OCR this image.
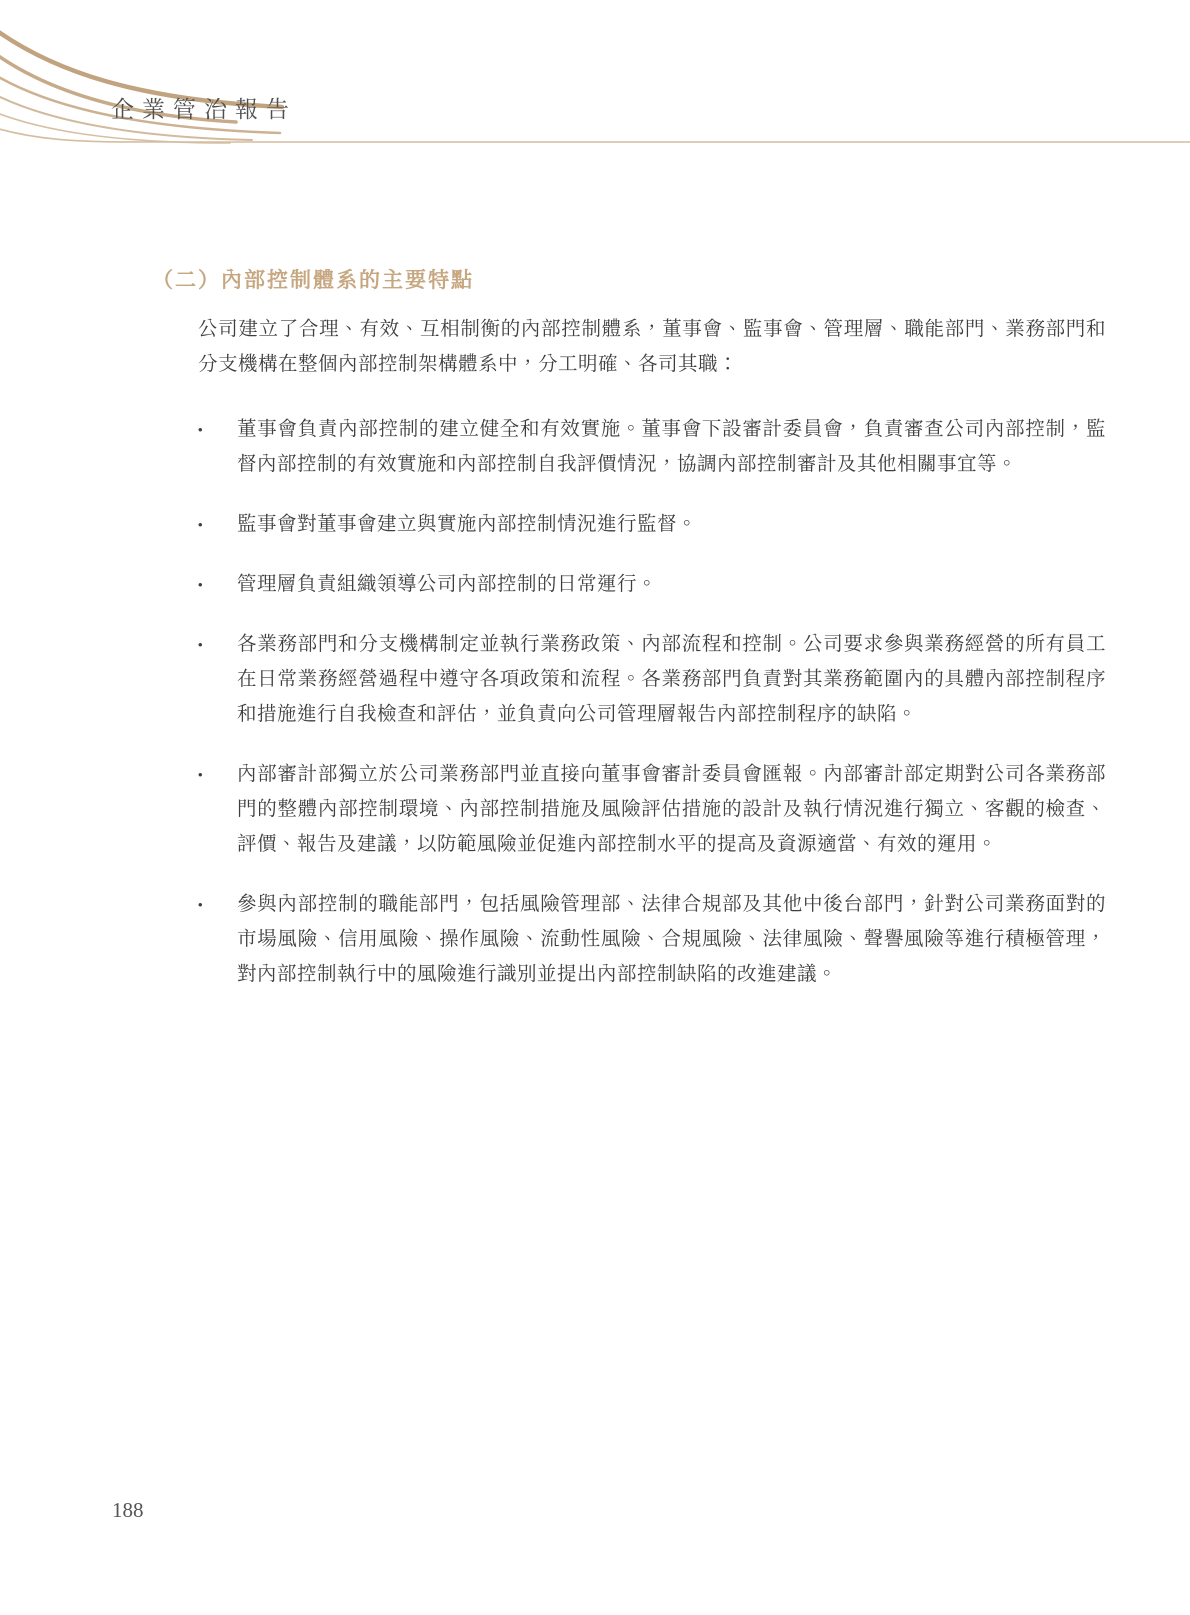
企業管治報告
（二）內部控制體系的主要特點

公司建立了合理、有效、互相制衡的內部控制體系，董事會、監事會、管理層、職能部門、業務部門和分支機構在整個內部控制架構體系中，分工明確、各司其職：

•	董事會負責內部控制的建立健全和有效實施。董事會下設審計委員會，負責審查公司內部控制，監督內部控制的有效實施和內部控制自我評價情況，協調內部控制審計及其他相關事宜等。
•	監事會對董事會建立與實施內部控制情況進行監督。
•	管理層負責組織領導公司內部控制的日常運行。
•	各業務部門和分支機構制定並執行業務政策、內部流程和控制。公司要求參與業務經營的所有員工在日常業務經營過程中遵守各項政策和流程。各業務部門負責對其業務範圍內的具體內部控制程序和措施進行自我檢查和評估，並負責向公司管理層報告內部控制程序的缺陷。
•	內部審計部獨立於公司業務部門並直接向董事會審計委員會匯報。內部審計部定期對公司各業務部門的整體內部控制環境、內部控制措施及風險評估措施的設計及執行情況進行獨立、客觀的檢查、評價、報告及建議，以防範風險並促進內部控制水平的提高及資源適當、有效的運用。
•	參與內部控制的職能部門，包括風險管理部、法律合規部及其他中後台部門，針對公司業務面對的市場風險、信用風險、操作風險、流動性風險、合規風險、法律風險、聲譽風險等進行積極管理，對內部控制執行中的風險進行識別並提出內部控制缺陷的改進建議。
188
